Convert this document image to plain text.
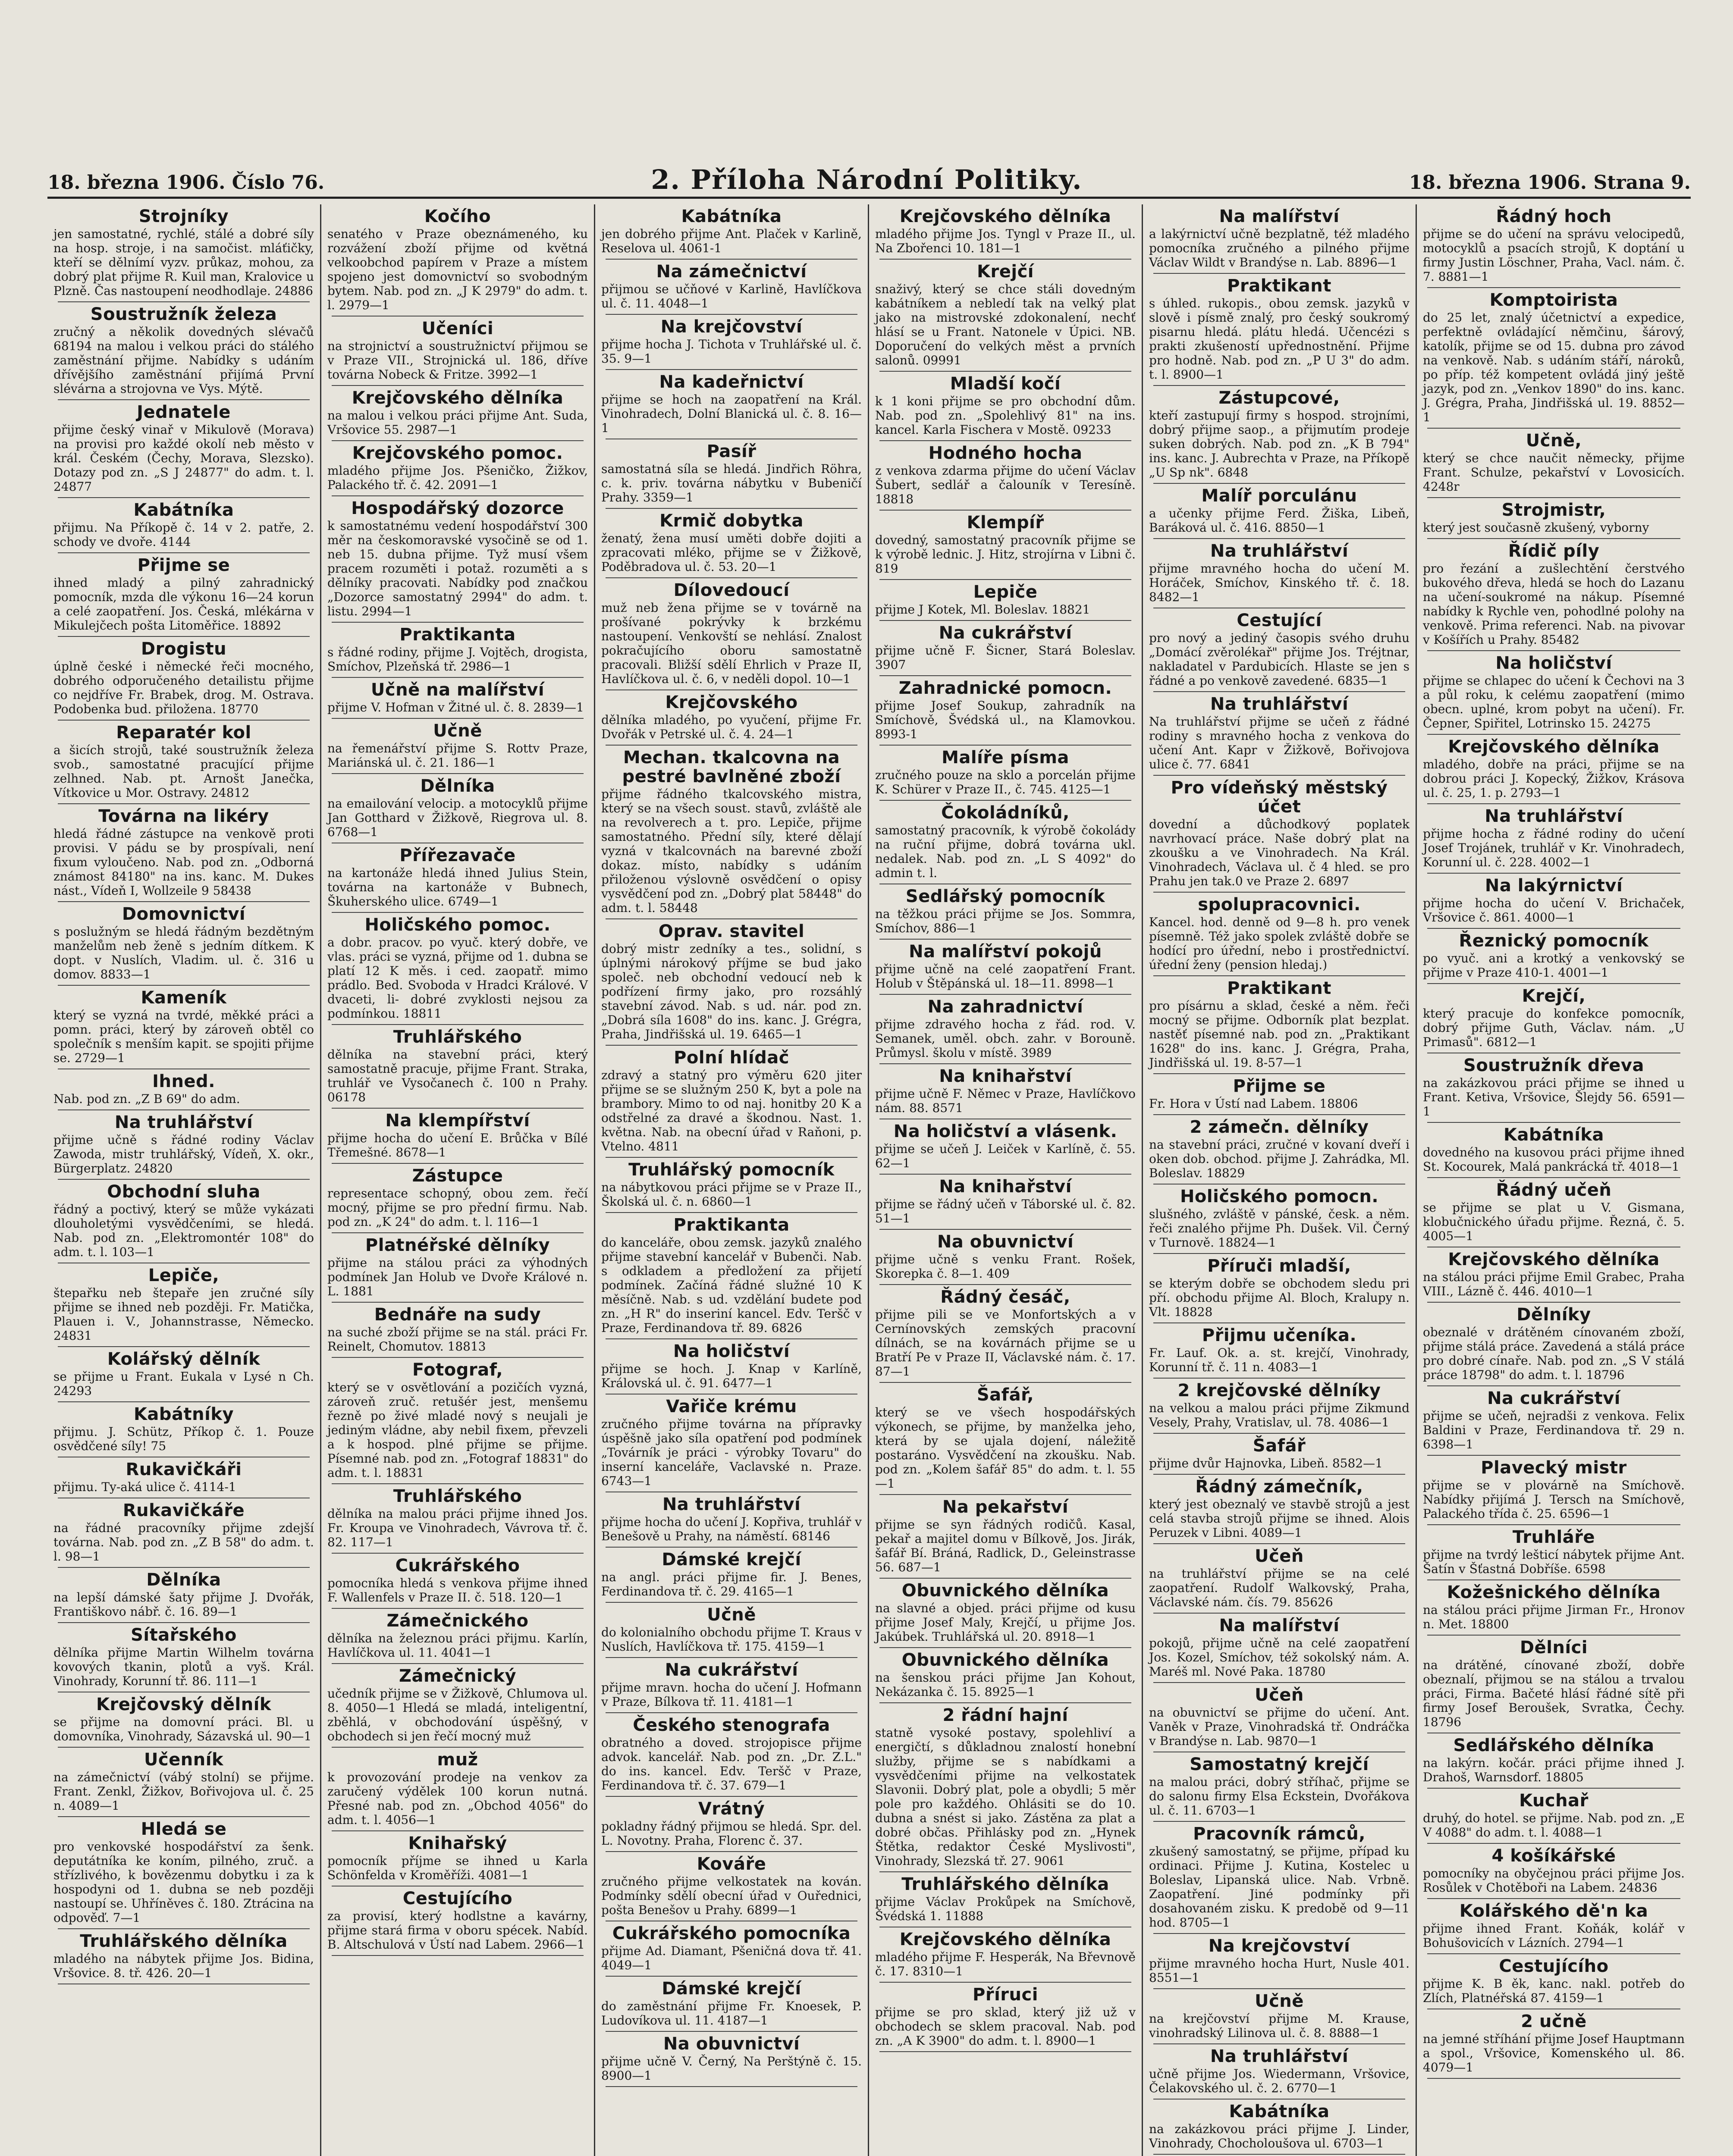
18. března 1906. Číslo 76.	2. Příloha Národní Politiky.	18. března 1906. Strana 9.
Strojníky
jen samostatné, rychlé, stálé a dobré síly na hosp. stroje, i na samočist. mláťičky, kteří se dělnímí vyzv. průkaz, mohou, za dobrý plat přijme R. Kuil man, Kralovice u Plzně. Čas nastoupení neodhodlaje. 24886
Soustružník železa
zručný a několik dovedných slévačů 68194 na malou i velkou práci do stálého zaměstnání přijme. Nabídky s udáním dřívějšího zaměstnání přijímá První slévárna a strojovna ve Vys. Mýtě.
Jednatele
přijme český vinař v Mikulově (Morava) na provisi pro každé okolí neb město v král. Českém (Čechy, Morava, Slezsko). Dotazy pod zn. „S J 24877" do adm. t. l. 24877
Kabátníka
přijmu. Na Příkopě č. 14 v 2. patře, 2. schody ve dvoře. 4144
Přijme se
ihned mladý a pilný zahradnický pomocník, mzda dle výkonu 16—24 korun a celé zaopatření. Jos. Česká, mlékárna v Mikulejčech pošta Litoměřice. 18892
Drogistu
úplně české i německé řeči mocného, dobrého odporučeného detailistu přijme co nejdříve Fr. Brabek, drog. M. Ostrava. Podobenka bud. přiložena. 18770
Reparatér kol
a šicích strojů, také soustružník železa svob., samostatné pracující přijme zelhned. Nab. pt. Arnošt Janečka, Vítkovice u Mor. Ostravy. 24812
Továrna na likéry
hledá řádné zástupce na venkově proti provisi. V pádu se by prospívali, není fixum vyloučeno. Nab. pod zn. „Odborná známost 84180" na ins. kanc. M. Dukes nást., Vídeň I, Wollzeile 9 58438
Domovnictví
s poslužným se hledá řádným bezdětným manželům neb ženě s jedním dítkem. K dopt. v Nuslích, Vladim. ul. č. 316 u domov. 8833—1
Kameník
který se vyzná na tvrdé, měkké práci a pomn. práci, který by zároveň obtěl co společník s menším kapit. se spojiti přijme se. 2729—1
Ihned.
Nab. pod zn. „Z B 69" do adm.
Na truhlářství
přijme učně s řádné rodiny Václav Zawoda, mistr truhlářský, Vídeň, X. okr., Bürgerplatz. 24820
Obchodní sluha
řádný a poctivý, který se může vykázati dlouholetými vysvědčeními, se hledá. Nab. pod zn. „Elektromontér 108" do adm. t. l. 103—1
Lepiče,
štepařku neb štepaře jen zručné síly přijme se ihned neb později. Fr. Matička, Plauen i. V., Johannstrasse, Německo. 24831
Kolářský dělník
se přijme u Frant. Eukala v Lysé n Ch. 24293
Kabátníky
přijmu. J. Schütz, Příkop č. 1. Pouze osvědčené síly! 75
Rukavičkáři
přijmu. Ty-aká ulice č. 4114-1
Rukavičkáře
na řádné pracovníky přijme zdejší továrna. Nab. pod zn. „Z B 58" do adm. t. l. 98—1
Dělníka
na lepší dámské šaty přijme J. Dvořák, Františkovo nábř. č. 16. 89—1
Sítařského
dělníka přijme Martin Wilhelm továrna kovových tkanin, plotů a vyš. Král. Vinohrady, Korunní tř. 86. 111—1
Krejčovský dělník
se přijme na domovní práci. Bl. u domovníka, Vinohrady, Sázavská ul. 90—1
Učenník
na zámečnictví (vábý stolní) se přijme. Frant. Zenkl, Žižkov, Bořivojova ul. č. 25 n. 4089—1
Hledá se
pro venkovské hospodářství za šenk. deputátníka ke koním, pilného, zruč. a střízlivého, k bovězenmu dobytku i za k hospodyni od 1. dubna se neb později nastoupí se. Uhříněves č. 180. Ztrácina na odpověď. 7—1
Truhlářského dělníka
mladého na nábytek přijme Jos. Bidina, Vršovice. 8. tř. 426. 20—1
Kočího
senatého v Praze obeznámeného, ku rozvážení zboží přijme od květná velkoobchod papírem v Praze a místem spojeno jest domovnictví so svobodným bytem. Nab. pod zn. „J K 2979" do adm. t. l. 2979—1
Učeníci
na strojnictví a soustružnictví přijmou se v Praze VII., Strojnická ul. 186, dříve továrna Nobeck & Fritze. 3992—1
Krejčovského dělníka
na malou i velkou práci přijme Ant. Suda, Vršovice 55. 2987—1
Krejčovského pomoc.
mladého přijme Jos. Pšeničko, Žižkov, Palackého tř. č. 42. 2091—1
Hospodářský dozorce
k samostatnému vedení hospodářství 300 měr na českomoravské vysočině se od 1. neb 15. dubna přijme. Tyž musí všem pracem rozuměti i potaž. rozuměti a s dělníky pracovati. Nabídky pod značkou „Dozorce samostatný 2994" do adm. t. listu. 2994—1
Praktikanta
s řádné rodiny, přijme J. Vojtěch, drogista, Smíchov, Plzeňská tř. 2986—1
Učně na malířství
přijme V. Hofman v Žitné ul. č. 8. 2839—1
Učně
na řemenářství přijme S. Rottv Praze, Mariánská ul. č. 21. 186—1
Dělníka
na emailování velocip. a motocyklů přijme Jan Gotthard v Žižkově, Riegrova ul. 8. 6768—1
Přířezavače
na kartonáže hledá ihned Julius Stein, továrna na kartonáže v Bubnech, Škuherského ulice. 6749—1
Holičského pomoc.
a dobr. pracov. po vyuč. který dobře, ve vlas. práci se vyzná, přijme od 1. dubna se platí 12 K měs. i ced. zaopatř. mimo prádlo. Bed. Svoboda v Hradci Králové. V dvaceti, li- dobré zvyklosti nejsou za podmínkou. 18811
Truhlářského
dělníka na stavební práci, který samostatně pracuje, přijme Frant. Straka, truhlář ve Vysočanech č. 100 n Prahy. 06178
Na klempířství
přijme hocha do učení E. Brůčka v Bílé Třemešné. 8678—1
Zástupce
representace schopný, obou zem. řečí mocný, přijme se pro přední firmu. Nab. pod zn. „K 24" do adm. t. l. 116—1
Platnéřské dělníky
přijme na stálou práci za výhodných podmínek Jan Holub ve Dvoře Králové n. L. 1881
Bednáře na sudy
na suché zboží přijme se na stál. práci Fr. Reinelt, Chomutov. 18813
Fotograf,
který se v osvětlování a pozičích vyzná, zároveň zruč. retušér jest, menšemu řezně po živé mladé nový s neujali je jediným vládne, aby nebil fixem, převzeli a k hospod. plné přijme se přijme. Písemné nab. pod zn. „Fotograf 18831" do adm. t. l. 18831
Truhlářského
dělníka na malou práci přijme ihned Jos. Fr. Kroupa ve Vinohradech, Vávrova tř. č. 82. 117—1
Cukrářského
pomocníka hledá s venkova přijme ihned F. Wallenfels v Praze II. č. 518. 120—1
Zámečnického
dělníka na železnou práci přijmu. Karlín, Havlíčkova ul. 11. 4041—1
Zámečnický
učedník přijme se v Žižkově, Chlumova ul. 8. 4050—1 Hledá se mladá, inteligentní, zběhlá, v obchodování úspěšný, v obchodech si jen řečí mocný muž
muž
k provozování prodeje na venkov za zaručený výdělek 100 korun nutná. Přesné nab. pod zn. „Obchod 4056" do adm. t. l. 4056—1
Knihařský
pomocník příjme se ihned u Karla Schönfelda v Kroměříži. 4081—1
Cestujícího
za provisí, který hodlstne a kavárny, přijme stará firma v oboru spécek. Nabíd. B. Altschulová v Ústí nad Labem. 2966—1
Kabátníka
jen dobrého přijme Ant. Plaček v Karlině, Reselova ul. 4061-1
Na zámečnictví
přijmou se učňové v Karlině, Havlíčkova ul. č. 11. 4048—1
Na krejčovství
přijme hocha J. Tichota v Truhlářské ul. č. 35. 9—1
Na kadeřnictví
přijme se hoch na zaopatření na Král. Vinohradech, Dolní Blanická ul. č. 8. 16—1
Pasíř
samostatná síla se hledá. Jindřich Röhra, c. k. priv. továrna nábytku v Bubeničí Prahy. 3359—1
Krmič dobytka
ženatý, žena musí uměti dobře dojiti a zpracovati mléko, přijme se v Žižkově, Poděbradova ul. č. 53. 20—1
Dílovedoucí
muž neb žena přijme se v továrně na prošívané pokrývky k brzkému nastoupení. Venkovští se nehlásí. Znalost pokračujícího oboru samostatně pracovali. Bližší sdělí Ehrlich v Praze II, Havlíčkova ul. č. 6, v neděli dopol. 10—1
Krejčovského
dělníka mladého, po vyučení, přijme Fr. Dvořák v Petrské ul. č. 4. 24—1
Mechan. tkalcovna na pestré bavlněné zboží
přijme řádného tkalcovského mistra, který se na všech soust. stavů, zvláště ale na revolverech a t. pro. Lepiče, přijme samostatného. Přední síly, které dělají vyzná v tkalcovnách na barevné zboží dokaz. místo, nabídky s udáním přiloženou výslovně osvědčení o opisy vysvědčení pod zn. „Dobrý plat 58448" do adm. t. l. 58448
Oprav. stavitel
dobrý mistr zedníky a tes., solidní, s úplnými nárokový příjme se bud jako společ. neb obchodní vedoucí neb k podřízení firmy jako, pro rozsáhlý stavební závod. Nab. s ud. nár. pod zn. „Dobrá síla 1608" do ins. kanc. J. Grégra, Praha, Jindřišská ul. 19. 6465—1
Polní hlídač
zdravý a statný pro výměru 620 jiter přijme se se služným 250 K, byt a pole na brambory. Mimo to od naj. honitby 20 K a odstřelné za dravé a škodnou. Nast. 1. května. Nab. na obecní úřad v Raňoni, p. Vtelno. 4811
Truhlářský pomocník
na nábytkovou práci přijme se v Praze II., Školská ul. č. n. 6860—1
Praktikanta
do kanceláře, obou zemsk. jazyků znalého přijme stavební kancelář v Bubenči. Nab. s odkladem a předložení za přijetí podmínek. Začíná řádné služné 10 K měsíčně. Nab. s ud. vzdělání budete pod zn. „H R" do inseriní kancel. Edv. Teršč v Praze, Ferdinandova tř. 89. 6826
Na holičství
přijme se hoch. J. Knap v Karlíně, Královská ul. č. 91. 6477—1
Vařiče krému
zručného přijme továrna na přípravky úspěšně jako síla opatření pod podmínek „Továrník je práci - výrobky Tovaru" do inserní kanceláře, Vaclavské n. Praze. 6743—1
Na truhlářství
přijme hocha do učení J. Kopřiva, truhlář v Benešově u Prahy, na náměstí. 68146
Dámské krejčí
na angl. práci přijme fir. J. Benes, Ferdinandova tř. č. 29. 4165—1
Učně
do kolonialního obchodu přijme T. Kraus v Nuslích, Havlíčkova tř. 175. 4159—1
Na cukrářství
přijme mravn. hocha do učení J. Hofmann v Praze, Bílkova tř. 11. 4181—1
Českého stenografa
obratného a doved. strojopisce přijme advok. kancelář. Nab. pod zn. „Dr. Z.L." do ins. kancel. Edv. Teršč v Praze, Ferdinandova tř. č. 37. 679—1
Vrátný
pokladny řádný přijmou se hledá. Spr. del. L. Novotny. Praha, Florenc č. 37.
Kováře
zručného přijme velkostatek na kován. Podmínky sdělí obecní úřad v Ouřednici, pošta Benešov u Prahy. 6899—1
Cukrářského pomocníka
přijme Ad. Diamant, Pšeničná dova tř. 41. 4049—1
Dámské krejčí
do zaměstnání přijme Fr. Knoesek, P. Ludovíkova ul. 11. 4187—1
Na obuvnictví
přijme učně V. Černý, Na Perštýně č. 15. 8900—1
Krejčovského dělníka
mladého přijme Jos. Tyngl v Praze II., ul. Na Zbořenci 10. 181—1
Krejčí
snaživý, který se chce stáli dovedným kabátníkem a nebledí tak na velký plat jako na mistrovské zdokonalení, nechť hlásí se u Frant. Natonele v Úpici. NB. Doporučení do velkých měst a prvních salonů. 09991
Mladší kočí
k 1 koni přijme se pro obchodní dům. Nab. pod zn. „Spolehlivý 81" na ins. kancel. Karla Fischera v Mostě. 09233
Hodného hocha
z venkova zdarma přijme do učení Václav Šubert, sedlář a čalouník v Teresíně. 18818
Klempíř
dovedný, samostatný pracovník přijme se k výrobě lednic. J. Hitz, strojírna v Libni č. 819
Lepiče
přijme J Kotek, Ml. Boleslav. 18821
Na cukrářství
přijme učně F. Šicner, Stará Boleslav. 3907
Zahradnické pomocn.
přijme Josef Soukup, zahradník na Smíchově, Švédská ul., na Klamovkou. 8993-1
Malíře písma
zručného pouze na sklo a porcelán přijme K. Schürer v Praze II., č. 745. 4125—1
Čokoládníků,
samostatný pracovník, k výrobě čokolády na ruční přijme, dobrá továrna ukl. nedalek. Nab. pod zn. „L S 4092" do admin t. l.
Sedlářský pomocník
na těžkou práci přijme se Jos. Sommra, Smíchov, 886—1
Na malířství pokojů
přijme učně na celé zaopatření Frant. Holub v Štěpánská ul. 18—11. 8998—1
Na zahradnictví
přijme zdravého hocha z řád. rod. V. Semanek, uměl. obch. zahr. v Borouně. Průmysl. školu v místě. 3989
Na knihařství
přijme učně F. Němec v Praze, Havlíčkovo nám. 88. 8571
Na holičství a vlásenk.
přijme se učeň J. Leiček v Karlíně, č. 55. 62—1
Na knihařství
přijme se řádný učeň v Táborské ul. č. 82. 51—1
Na obuvnictví
přijme učně s venku Frant. Rošek, Skorepka č. 8—1. 409
Řádný česáč,
přijme pili se ve Monfortských a v Cernínovských zemských pracovní dílnách, se na kovárnách přijme se u Bratří Pe v Praze II, Václavské nám. č. 17. 87—1
Šafář,
který se ve všech hospodářských výkonech, se přijme, by manželka jeho, která by se ujala dojení, náležitě postaráno. Vysvědčení na zkoušku. Nab. pod zn. „Kolem šafář 85" do adm. t. l. 55—1
Na pekařství
přijme se syn řádných rodičů. Kasal, pekař a majitel domu v Bílkově, Jos. Jirák, šafář Bí. Bráná, Radlick, D., Geleinstrasse 56. 687—1
Obuvnického dělníka
na slavné a objed. práci přijme od kusu přijme Josef Maly, Krejčí, u přijme Jos. Jakúbek. Truhlářská ul. 20. 8918—1
Obuvnického dělníka
na šenskou práci přijme Jan Kohout, Nekázanka č. 15. 8925—1
2 řádní hajní
statně vysoké postavy, spolehliví a energičtí, s důkladnou znalostí honební služby, přijme se s nabídkami a vysvědčeními přijme na velkostatek Slavonii. Dobrý plat, pole a obydli; 5 měr pole pro každého. Ohlásiti se do 10. dubna a snést si jako. Zástěna za plat a dobré občas. Přihlásky pod zn. „Hynek Štětka, redaktor České Myslivosti", Vinohrady, Slezská tř. 27. 9061
Truhlářského dělníka
přijme Václav Prokůpek na Smíchově, Švédská 1. 11888
Krejčovského dělníka
mladého přijme F. Hesperák, Na Břevnově č. 17. 8310—1
Příruci
přijme se pro sklad, který již už v obchodech se sklem pracoval. Nab. pod zn. „A K 3900" do adm. t. l. 8900—1
Na malířství
a lakýrnictví učně bezplatně, též mladého pomocníka zručného a pilného přijme Václav Wildt v Brandýse n. Lab. 8896—1
Praktikant
s úhled. rukopis., obou zemsk. jazyků v slově i písmě znalý, pro český soukromý pisarnu hledá. plátu hledá. Učencézi s prakti zkušeností upřednostnění. Přijme pro hodně. Nab. pod zn. „P U 3" do adm. t. l. 8900—1
Zástupcové,
kteří zastupují firmy s hospod. strojními, dobrý přijme saop., a přijmutím prodeje suken dobrých. Nab. pod zn. „K B 794" ins. kanc. J. Aubrechta v Praze, na Příkopě „U Sp nk". 6848
Malíř porculánu
a učenky přijme Ferd. Žiška, Libeň, Baráková ul. č. 416. 8850—1
Na truhlářství
přijme mravného hocha do učení M. Horáček, Smíchov, Kinského tř. č. 18. 8482—1
Cestující
pro nový a jediný časopis svého druhu „Domácí zvěrolékař" přijme Jos. Tréjtnar, nakladatel v Pardubicích. Hlaste se jen s řádné a po venkově zavedené. 6835—1
Na truhlářství
Na truhlářství přijme se učeň z řádné rodiny s mravného hocha z venkova do učení Ant. Kapr v Žižkově, Bořivojova ulice č. 77. 6841
Pro vídeňský městský účet
dovední a důchodkový poplatek navrhovací práce. Naše dobrý plat na zkoušku a ve Vinohradech. Na Král. Vinohradech, Václava ul. č 4 hled. se pro Prahu jen tak.0 ve Praze 2. 6897
spolupracovnici.
Kancel. hod. denně od 9—8 h. pro venek písemně. Též jako spolek zvláště dobře se hodící pro úřední, nebo i prostřednictví. úřední ženy (pension hledaj.)
Praktikant
pro písárnu a sklad, české a něm. řeči mocný se přijme. Odborník plat bezplat. nastěť písemné nab. pod zn. „Praktikant 1628" do ins. kanc. J. Grégra, Praha, Jindřišská ul. 19. 8-57—1
Přijme se
Fr. Hora v Ústí nad Labem. 18806
2 zámečn. dělníky
na stavební práci, zručné v kovaní dveří i oken dob. obchod. přijme J. Zahrádka, Ml. Boleslav. 18829
Holičského pomocn.
slušného, zvláště v pánské, česk. a něm. řeči znalého přijme Ph. Dušek. Vil. Černý v Turnově. 18824—1
Příruči mladší,
se kterým dobře se obchodem sledu pri pří. obchodu přijme Al. Bloch, Kralupy n. Vlt. 18828
Přijmu učeníka.
Fr. Lauf. Ok. a. st. krejčí, Vinohrady, Korunní tř. č. 11 n. 4083—1
2 krejčovské dělníky
na velkou a malou práci přijme Zikmund Vesely, Prahy, Vratislav, ul. 78. 4086—1
Šafář
přijme dvůr Hajnovka, Libeň. 8582—1
Řádný zámečník,
který jest obeznalý ve stavbě strojů a jest celá stavba strojů přijme se ihned. Alois Peruzek v Libni. 4089—1
Učeň
na truhlářství přijme se na celé zaopatření. Rudolf Walkovský, Praha, Václavské nám. čís. 79. 85626
Na malířství
pokojů, přijme učně na celé zaopatření Jos. Kozel, Smíchov, též sokolský nám. A. Maréš ml. Nové Paka. 18780
Učeň
na obuvnictví se přijme do učení. Ant. Vaněk v Praze, Vinohradská tř. Ondráčka v Brandýse n. Lab. 9870—1
Samostatný krejčí
na malou práci, dobrý stříhač, přijme se do salonu firmy Elsa Eckstein, Dvořákova ul. č. 11. 6703—1
Pracovník rámců,
zkušený samostatný, se přijme, případ ku ordinaci. Přijme J. Kutina, Kostelec u Boleslav, Lipanská ulice. Nab. Vrbně. Zaopatření. Jiné podmínky při dosahovaném zisku. K predobě od 9—11 hod. 8705—1
Na krejčovství
přijme mravného hocha Hurt, Nusle 401. 8551—1
Učně
na krejčovství přijme M. Krause, vinohradský Lilinova ul. č. 8. 8888—1
Na truhlářství
učně přijme Jos. Wiedermann, Vršovice, Čelakovského ul. č. 2. 6770—1
Kabátníka
na zakázkovou práci přijme J. Linder, Vinohrady, Chocholoušova ul. 6703—1
Řádný hoch
přijme se do učení na správu velocipedů, motocyklů a psacích strojů, K doptání u firmy Justin Löschner, Praha, Vacl. nám. č. 7. 8881—1
Komptoiristа
do 25 let, znalý účetnictví a expedice, perfektně ovládající němčinu, šárový, katolík, přijme se od 15. dubna pro závod na venkově. Nab. s udáním stáří, nároků, po příp. též kompetent ovládá jiný ještě jazyk, pod zn. „Venkov 1890" do ins. kanc. J. Grégra, Praha, Jindřišská ul. 19. 8852—1
Učně,
který se chce naučit německy, přijme Frant. Schulze, pekařství v Lovosicích. 4248r
Strojmistr,
který jest současně zkušený, vyborny
Řídič píly
pro řezání a zušlechtění čerstvého bukového dřeva, hledá se hoch do Lazanu na učení-soukromé na nákup. Písemné nabídky k Rychle ven, pohodlné polohy na venkově. Prima referenci. Nab. na pivovar v Košířích u Prahy. 85482
Na holičství
přijme se chlapec do učení k Čechovi na 3 a půl roku, k celému zaopatření (mimo obecn. uplné, krom pobyt na učení). Fr. Čepner, Spiřitel, Lotrinsko 15. 24275
Krejčovského dělníka
mladého, dobře na práci, přijme se na dobrou práci J. Kopecký, Žižkov, Krásova ul. č. 25, 1. p. 2793—1
Na truhlářství
přijme hocha z řádné rodiny do učení Josef Trojánek, truhlář v Kr. Vinohradech, Korunní ul. č. 228. 4002—1
Na lakýrnictví
přijme hocha do učení V. Brichaček, Vršovice č. 861. 4000—1
Řeznický pomocník
po vyuč. ani a krotký a venkovský se přijme v Praze 410-1. 4001—1
Krejčí,
který pracuje do konfekce pomocník, dobrý přijme Guth, Václav. nám. „U Primasů". 6812—1
Soustružník dřeva
na zakázkovou práci přijme se ihned u Frant. Ketiva, Vršovice, Šlejdy 56. 6591—1
Kabátníka
dovedného na kusovou práci přijme ihned St. Kocourek, Malá pankrácká tř. 4018—1
Řádný učeň
se přijme se plat u V. Gismana, klobučnického úřadu přijme. Řezná, č. 5. 4005—1
Krejčovského dělníka
na stálou práci přijme Emil Grabec, Praha VIII., Lázně č. 446. 4010—1
Dělníky
obeznalé v drátěném cínovaném zboží, přijme stálá práce. Zavedená a stálá práce pro dobré cínaře. Nab. pod zn. „S V stálá práce 18798" do adm. t. l. 18796
Na cukrářství
přijme se učeň, nejradši z venkova. Felix Baldini v Praze, Ferdinandova tř. 29 n. 6398—1
Plavecký mistr
přijme se v plovárně na Smíchově. Nabídky přijímá J. Tersch na Smíchově, Palackého třída č. 25. 6596—1
Truhláře
přijme na tvrdý lešticí nábytek přijme Ant. Šatín v Šťastná Dobříše. 6598
Kožešnického dělníka
na stálou práci přijme Jirman Fr., Hronov n. Met. 18800
Dělníci
na drátěné, cínované zboží, dobře obeznalí, přijmou se na stálou a trvalou práci, Firma. Bačeté hlásí řádné sítě při firmy Josef Beroušek, Svratka, Čechy. 18796
Sedlářského dělníka
na lakýrn. kočár. práci přijme ihned J. Drahoš, Warnsdorf. 18805
Kuchař
druhý, do hotel. se přijme. Nab. pod zn. „E V 4088" do adm. t. l. 4088—1
4 košíkářské
pomocníky na obyčejnou práci přijme Jos. Rosůlek v Chotěboři na Labem. 24836
Kolářského dě'n ka
přijme ihned Frant. Koňák, kolář v Bohušovicích v Lázních. 2794—1
Cestujícího
přijme K. B ěk, kanc. nakl. potřeb do Zlích, Platnéřská 87. 4159—1
2 učně
na jemné stříhání přijme Josef Hauptmann a spol., Vršovice, Komenského ul. 86. 4079—1
